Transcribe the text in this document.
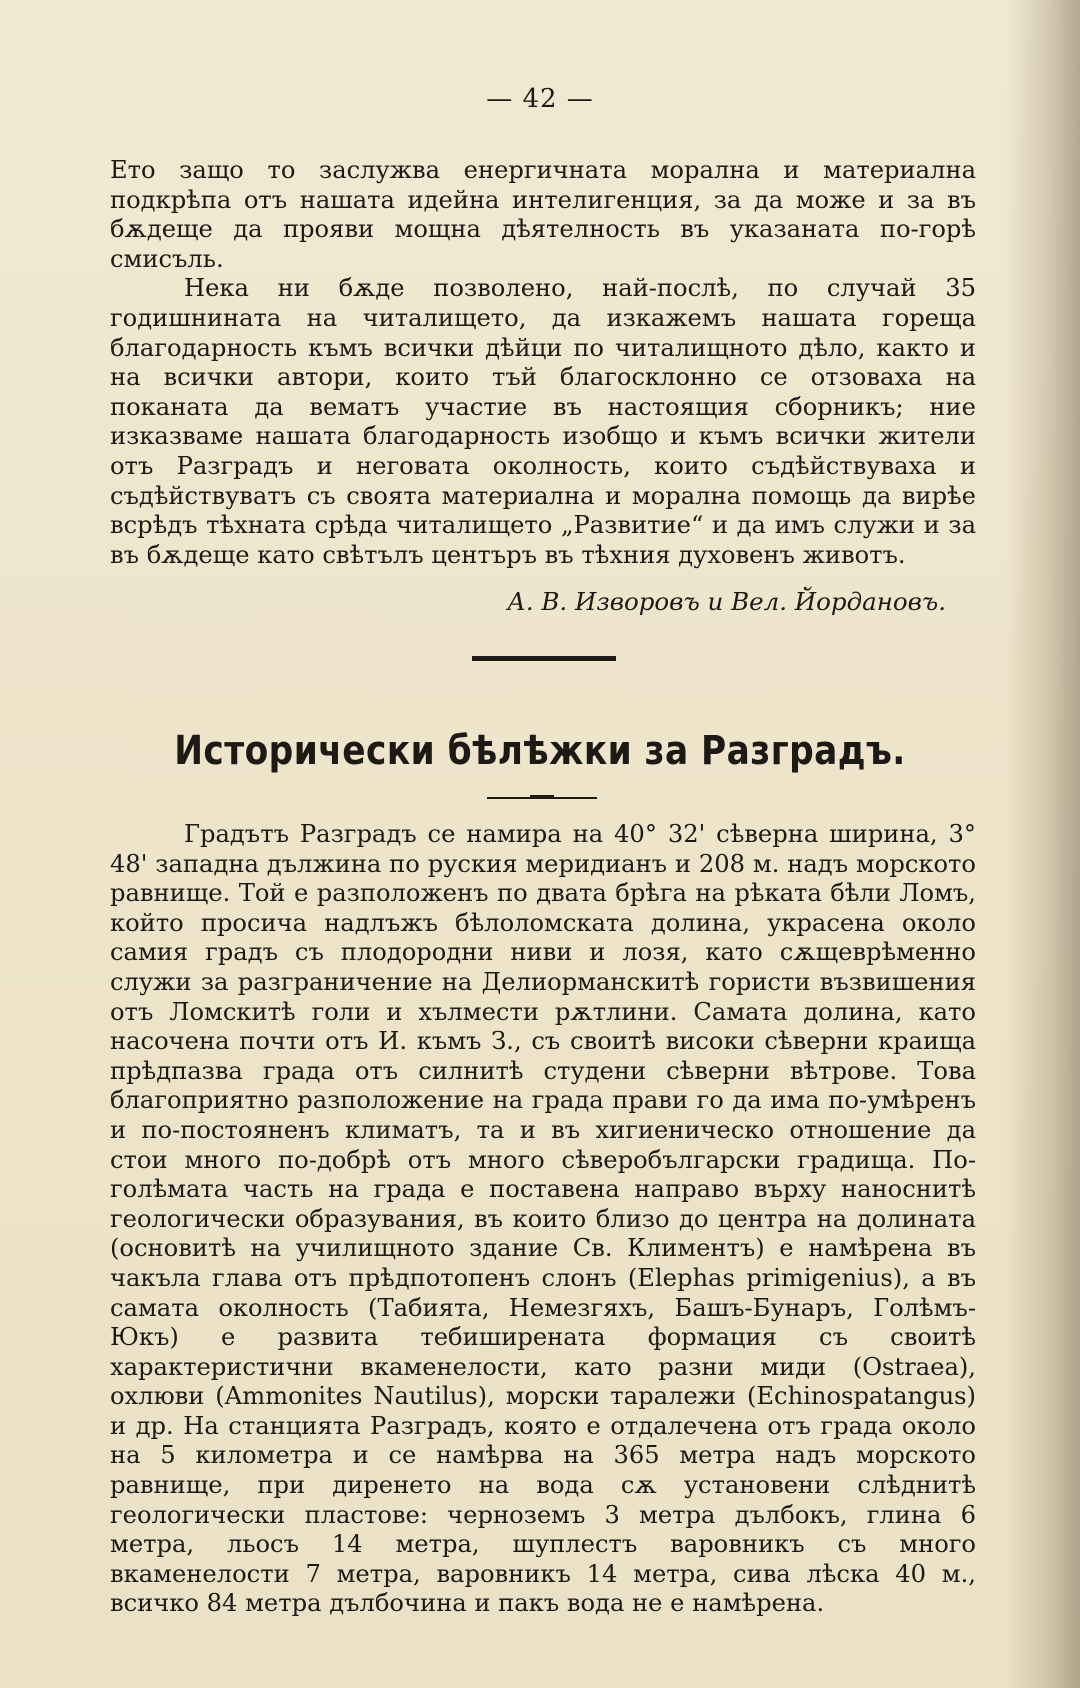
— 42 —

Ето защо то заслужва енергичната морална и материална подкрѣпа отъ нашата идейна интелигенция, за да може и за въ бѫдеще да прояви мощна дѣятелность въ указаната по-горѣ смисъль.

Нека ни бѫде позволено, най-послѣ, по случай 35 годишнината на читалището, да изкажемъ нашата гореща благодарность къмъ всички дѣйци по читалищното дѣло, както и на всички автори, които тъй благосклонно се отзоваха на поканата да вематъ участие въ настоящия сборникъ; ние изказваме нашата благодарность изобщо и къмъ всички жители отъ Разградъ и неговата околность, които съдѣйствуваха и съдѣйствуватъ съ своята материална и морална помощь да вирѣе всрѣдъ тѣхната срѣда читалището „Развитие“ и да имъ служи и за въ бѫдеще като свѣтълъ центъръ въ тѣхния духовенъ животъ.

А. В. Изворовъ и Вел. Йордановъ.
Исторически бѣлѣжки за Разградъ.

Градътъ Разградъ се намира на 40° 32' сѣверна ширина, 3° 48' западна дължина по руския меридианъ и 208 м. надъ морското равнище. Той е разположенъ по двата брѣга на рѣката бѣли Ломъ, който просича надлъжъ бѣлоломската долина, украсена около самия градъ съ плодородни ниви и лозя, като сѫщеврѣменно служи за разграничение на Делиорманскитѣ гористи възвишения отъ Ломскитѣ голи и хълмести рѫтлини. Самата долина, като насочена почти отъ И. къмъ З., съ своитѣ високи сѣверни краища прѣдпазва града отъ силнитѣ студени сѣверни вѣтрове. Това благоприятно разположение на града прави го да има по-умѣренъ и по-постояненъ климатъ, та и въ хигиеническо отношение да стои много по-добрѣ отъ много сѣверобългарски градища. По-голѣмата часть на града е поставена направо върху наноснитѣ геологически образувания, въ които близо до центра на долината (основитѣ на училищното здание Св. Климентъ) е намѣрена въ чакъла глава отъ прѣдпотопенъ слонъ (Elephas primigenius), а въ самата околность (Табията, Немезгяхъ, Башъ-Бунаръ, Голѣмъ-Юкъ) е развита тебиширената формация съ своитѣ характеристични вкаменелости, като разни миди (Ostraea), охлюви (Ammonites Nautilus), морски таралежи (Echinospatangus) и др. На станцията Разградъ, която е отдалечена отъ града около на 5 километра и се намѣрва на 365 метра надъ морското равнище, при диренето на вода сѫ установени слѣднитѣ геологически пластове: черноземъ 3 метра дълбокъ, глина 6 метра, льосъ 14 метра, шуплестъ варовникъ съ много вкаменелости 7 метра, варовникъ 14 метра, сива лѣска 40 м., всичко 84 метра дълбочина и пакъ вода не е намѣрена.
